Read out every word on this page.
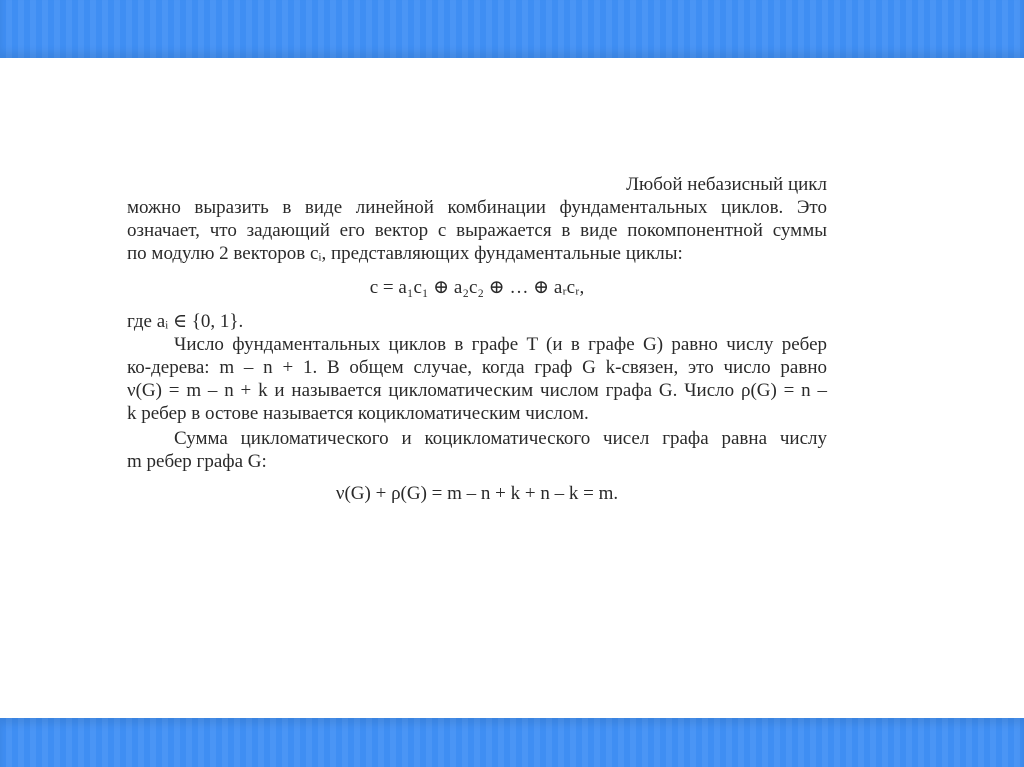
Любой небазисный цикл
можно выразить в виде линейной комбинации фундаментальных циклов. Это
означает, что задающий его вектор с выражается в виде покомпонентной суммы
по модулю 2 векторов cᵢ, представляющих фундаментальные циклы:
c = a₁c₁ ⊕ a₂c₂ ⊕ … ⊕ aᵣcᵣ,
где aᵢ ∈ {0, 1}.
Число фундаментальных циклов в графе T (и в графе G) равно числу ребер
ко-дерева: m – n + 1. В общем случае, когда граф G k-связен, это число равно
ν(G) = m – n + k и называется цикломатическим числом графа G. Число ρ(G) = n –
k ребер в остове называется коцикломатическим числом.
Сумма цикломатического и коцикломатического чисел графа равна числу
m ребер графа G:
ν(G) + ρ(G) = m – n + k + n – k = m.
